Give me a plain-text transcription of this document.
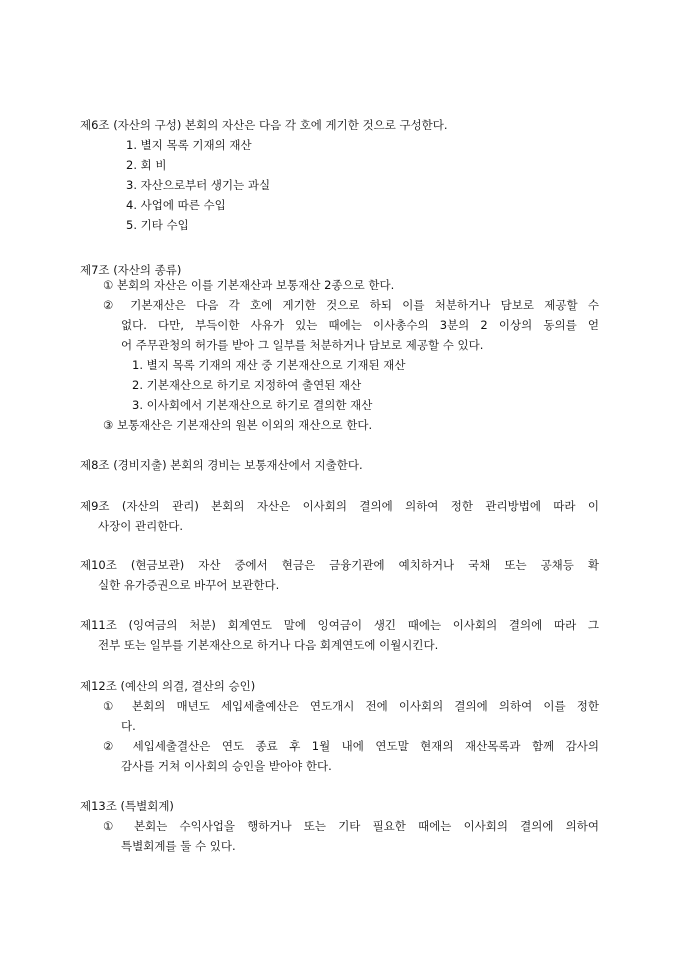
제6조 (자산의 구성) 본회의 자산은 다음 각 호에 게기한 것으로 구성한다.
1. 별지 목록 기재의 재산
2. 회 비
3. 자산으로부터 생기는 과실
4. 사업에 따른 수입
5. 기타 수입
제7조 (자산의 종류)
① 본회의 자산은 이를 기본재산과 보통재산 2종으로 한다.
② 기본재산은 다음 각 호에 게기한 것으로 하되 이를 처분하거나 담보로 제공할 수
없다. 다만, 부득이한 사유가 있는 때에는 이사총수의 3분의 2 이상의 동의를 얻
어 주무관청의 허가를 받아 그 일부를 처분하거나 담보로 제공할 수 있다.
1. 별지 목록 기재의 재산 중 기본재산으로 기재된 재산
2. 기본재산으로 하기로 지정하여 출연된 재산
3. 이사회에서 기본재산으로 하기로 결의한 재산
③ 보통재산은 기본재산의 원본 이외의 재산으로 한다.
제8조 (경비지출) 본회의 경비는 보통재산에서 지출한다.
제9조 (자산의 관리) 본회의 자산은 이사회의 결의에 의하여 정한 관리방법에 따라 이
사장이 관리한다.
제10조 (현금보관) 자산 중에서 현금은 금융기관에 예치하거나 국채 또는 공채등 확
실한 유가증권으로 바꾸어 보관한다.
제11조 (잉여금의 처분) 회계연도 말에 잉여금이 생긴 때에는 이사회의 결의에 따라 그
전부 또는 일부를 기본재산으로 하거나 다음 회계연도에 이월시킨다.
제12조 (예산의 의결, 결산의 승인)
① 본회의 매년도 세입세출예산은 연도개시 전에 이사회의 결의에 의하여 이를 정한
다.
② 세입세출결산은 연도 종료 후 1월 내에 연도말 현재의 재산목록과 함께 감사의
감사를 거쳐 이사회의 승인을 받아야 한다.
제13조 (특별회계)
① 본회는 수익사업을 행하거나 또는 기타 필요한 때에는 이사회의 결의에 의하여
특별회계를 둘 수 있다.
